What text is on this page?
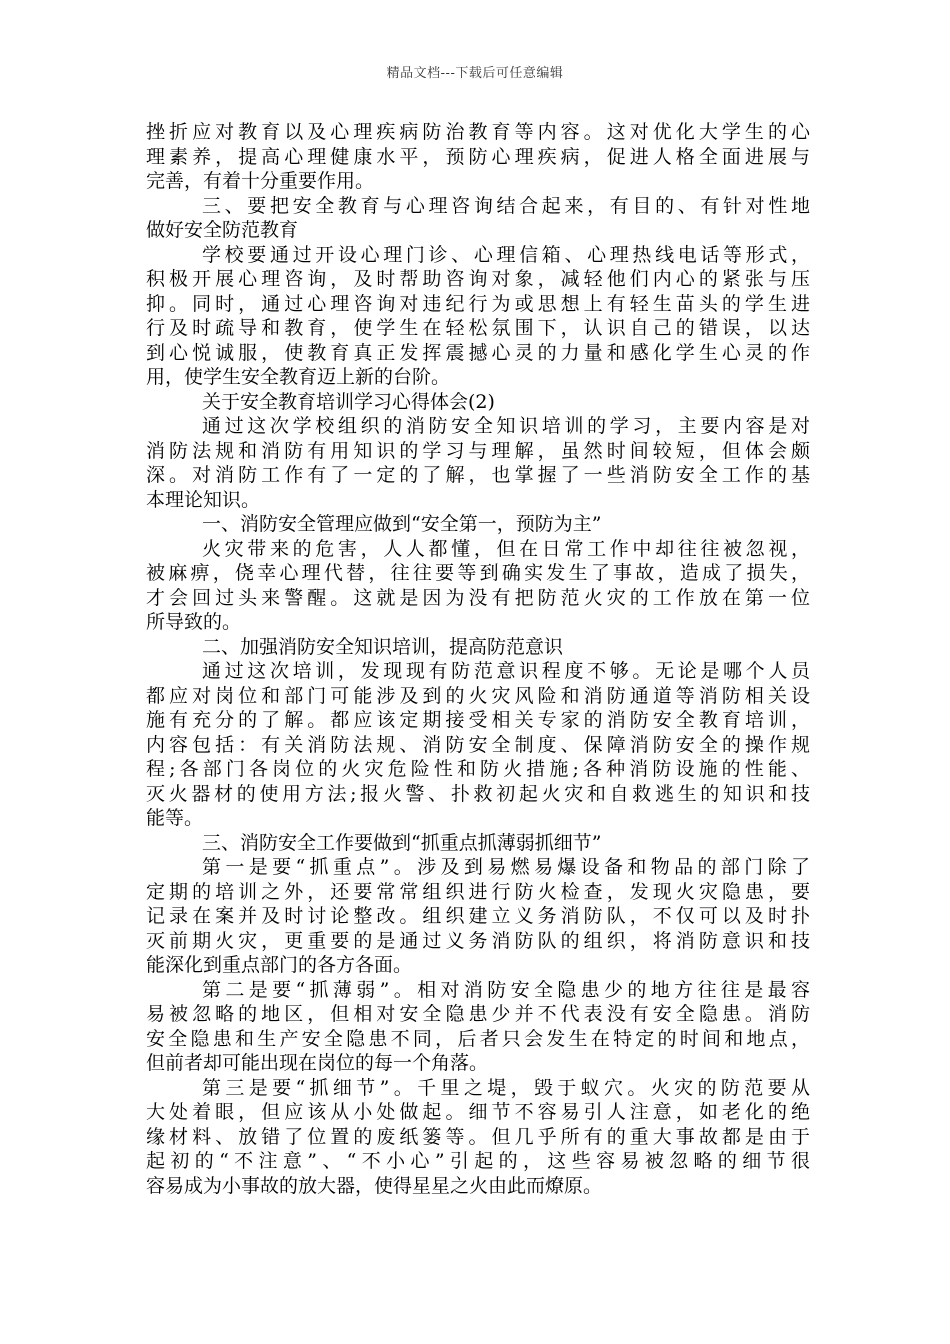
精品文档---下载后可任意编辑
挫折应对教育以及心理疾病防治教育等内容。这对优化大学生的心
理素养，提高心理健康水平，预防心理疾病，促进人格全面进展与
完善，有着十分重要作用。
三、要把安全教育与心理咨询结合起来，有目的、有针对性地
做好安全防范教育
学校要通过开设心理门诊、心理信箱、心理热线电话等形式，
积极开展心理咨询，及时帮助咨询对象，减轻他们内心的紧张与压
抑。同时，通过心理咨询对违纪行为或思想上有轻生苗头的学生进
行及时疏导和教育，使学生在轻松氛围下，认识自己的错误，以达
到心悦诚服，使教育真正发挥震撼心灵的力量和感化学生心灵的作
用，使学生安全教育迈上新的台阶。
关于安全教育培训学习心得体会(2)
通过这次学校组织的消防安全知识培训的学习，主要内容是对
消防法规和消防有用知识的学习与理解，虽然时间较短，但体会颇
深。对消防工作有了一定的了解，也掌握了一些消防安全工作的基
本理论知识。
一、消防安全管理应做到“安全第一，预防为主”
火灾带来的危害，人人都懂，但在日常工作中却往往被忽视，
被麻痹，侥幸心理代替，往往要等到确实发生了事故，造成了损失，
才会回过头来警醒。这就是因为没有把防范火灾的工作放在第一位
所导致的。
二、加强消防安全知识培训，提高防范意识
通过这次培训，发现现有防范意识程度不够。无论是哪个人员
都应对岗位和部门可能涉及到的火灾风险和消防通道等消防相关设
施有充分的了解。都应该定期接受相关专家的消防安全教育培训，
内容包括：有关消防法规、消防安全制度、保障消防安全的操作规
程;各部门各岗位的火灾危险性和防火措施;各种消防设施的性能、
灭火器材的使用方法;报火警、扑救初起火灾和自救逃生的知识和技
能等。
三、消防安全工作要做到“抓重点抓薄弱抓细节”
第一是要“抓重点”。涉及到易燃易爆设备和物品的部门除了
定期的培训之外，还要常常组织进行防火检查，发现火灾隐患，要
记录在案并及时讨论整改。组织建立义务消防队，不仅可以及时扑
灭前期火灾，更重要的是通过义务消防队的组织，将消防意识和技
能深化到重点部门的各方各面。
第二是要“抓薄弱”。相对消防安全隐患少的地方往往是最容
易被忽略的地区，但相对安全隐患少并不代表没有安全隐患。消防
安全隐患和生产安全隐患不同，后者只会发生在特定的时间和地点，
但前者却可能出现在岗位的每一个角落。
第三是要“抓细节”。千里之堤，毁于蚁穴。火灾的防范要从
大处着眼，但应该从小处做起。细节不容易引人注意，如老化的绝
缘材料、放错了位置的废纸篓等。但几乎所有的重大事故都是由于
起初的“不注意”、“不小心”引起的，这些容易被忽略的细节很
容易成为小事故的放大器，使得星星之火由此而燎原。
